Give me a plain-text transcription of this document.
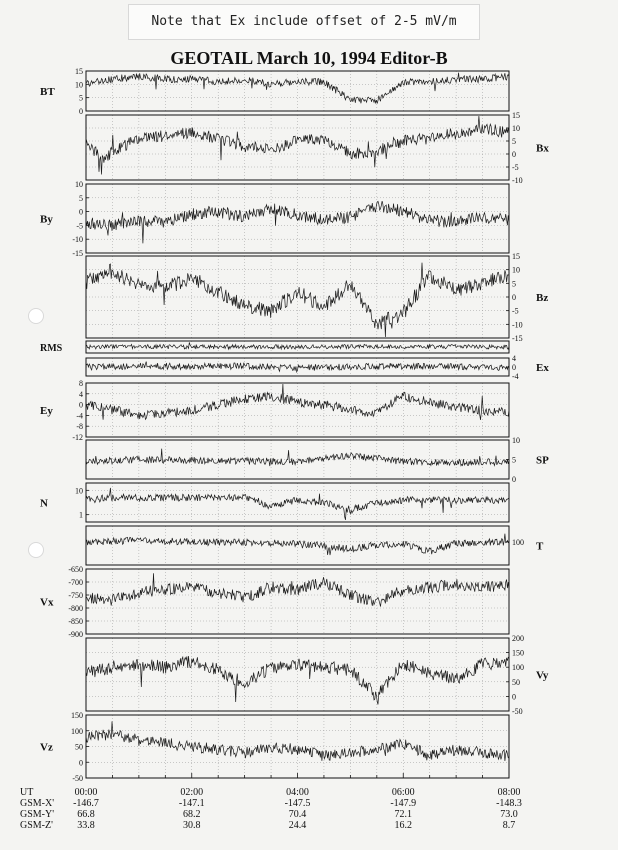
Note that Ex include offset of 2-5 mV/m
GEOTAIL March 10, 1994 Editor-B
15
10
5
0
BT
15
10
5
0
-5
-10
Bx
10
5
0
-5
-10
-15
By
15
10
5
0
-5
-10
-15
Bz
RMS
4
0
-4
Ex
8
4
0
-4
-8
-12
Ey
10
5
0
SP
10
1
N
100 T
-650
-700
-750
-800
-850
-900
Vx
200
150
100
50
0
-50
Vy
150
100
50
0
-50
Vz
UT	00:00	02:00	04:00	06:00	08:00
GSM-X' -146.7	-147.1	-147.5	-147.9	-148.3
GSM-Y' 66.8	68.2	70.4	72.1	73.0
GSM-Z' 33.8	30.8	24.4	16.2	8.7
